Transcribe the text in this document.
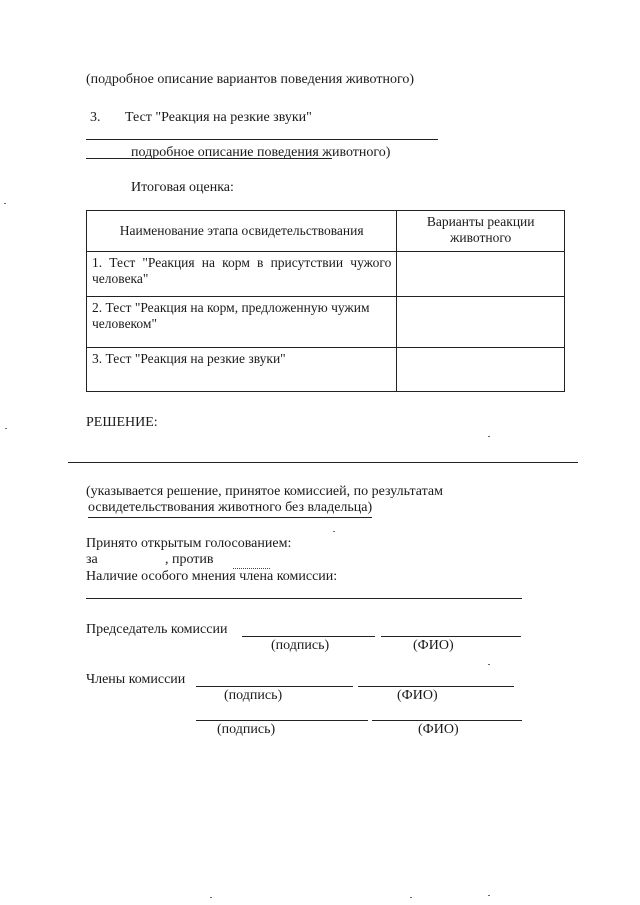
(подробное описание вариантов поведения животного)
3. Тест "Реакция на резкие звуки"
подробное описание поведения животного)
Итоговая оценка:
Наименование этапа освидетельствования	Варианты реакции животного
1. Тест "Реакция на корм в присутствии чужого человека"	
2. Тест "Реакция на корм, предложенную чужим человеком"	
3. Тест "Реакция на резкие звуки"	
РЕШЕНИЕ:
(указывается решение, принятое комиссией, по результатам
освидетельствования животного без владельца)
Принято открытым голосованием:
за	, против
Наличие особого мнения члена комиссии:
Председатель комиссии
(подпись)	(ФИО)
Члены комиссии
(подпись)	(ФИО)
(подпись)	(ФИО)
